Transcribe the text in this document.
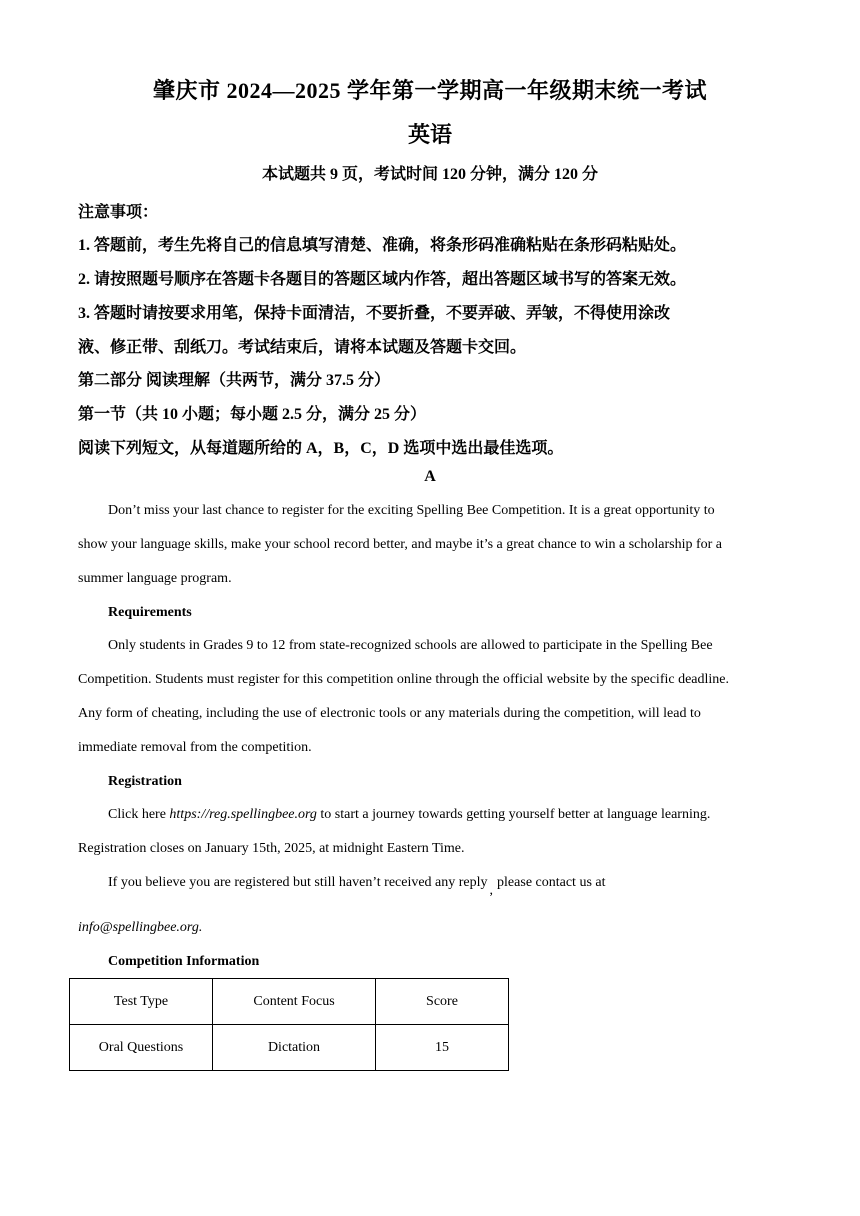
肇庆市 2024—2025 学年第一学期高一年级期末统一考试
英语
本试题共 9 页，考试时间 120 分钟，满分 120 分
注意事项：
1. 答题前，考生先将自己的信息填写清楚、准确，将条形码准确粘贴在条形码粘贴处。
2. 请按照题号顺序在答题卡各题目的答题区域内作答，超出答题区域书写的答案无效。
3. 答题时请按要求用笔，保持卡面清洁，不要折叠，不要弄破、弄皱，不得使用涂改
液、修正带、刮纸刀。考试结束后，请将本试题及答题卡交回。
第二部分 阅读理解（共两节，满分 37.5 分）
第一节（共 10 小题；每小题 2.5 分，满分 25 分）
阅读下列短文，从每道题所给的 A，B，C，D 选项中选出最佳选项。
A
Don’t miss your last chance to register for the exciting Spelling Bee Competition. It is a great opportunity to
show your language skills, make your school record better, and maybe it’s a great chance to win a scholarship for a
summer language program.
Requirements
Only students in Grades 9 to 12 from state-recognized schools are allowed to participate in the Spelling Bee
Competition. Students must register for this competition online through the official website by the specific deadline.
Any form of cheating, including the use of electronic tools or any materials during the competition, will lead to
immediate removal from the competition.
Registration
Click here https://reg.spellingbee.org to start a journey towards getting yourself better at language learning.
Registration closes on January 15th, 2025, at midnight Eastern Time.
If you believe you are registered but still haven’t received any reply,please contact us at
info@spellingbee.org.
Competition Information
Test Type	Content Focus	Score
Oral Questions	Dictation	15
